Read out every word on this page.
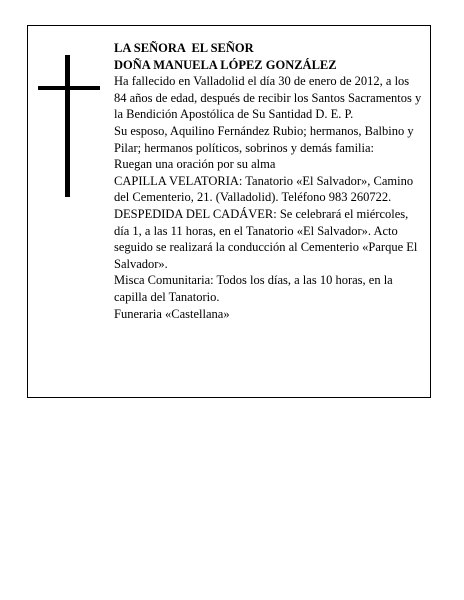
LA SEÑORA  EL SEÑOR

DOÑA MANUELA LÓPEZ GONZÁLEZ

Ha fallecido en Valladolid el día 30 de enero de 2012, a los 84 años de edad, después de recibir los Santos Sacramentos y la Bendición Apostólica de Su Santidad D. E. P.

Su esposo, Aquilino Fernández Rubio; hermanos, Balbino y Pilar; hermanos políticos, sobrinos y demás familia:

Ruegan una oración por su alma

CAPILLA VELATORIA: Tanatorio «El Salvador», Camino del Cementerio, 21. (Valladolid). Teléfono 983 260722.

DESPEDIDA DEL CADÁVER: Se celebrará el miércoles, día 1, a las 11 horas, en el Tanatorio «El Salvador». Acto seguido se realizará la conducción al Cementerio «Parque El Salvador».

Misca Comunitaria: Todos los días, a las 10 horas, en la capilla del Tanatorio.

Funeraria «Castellana»
